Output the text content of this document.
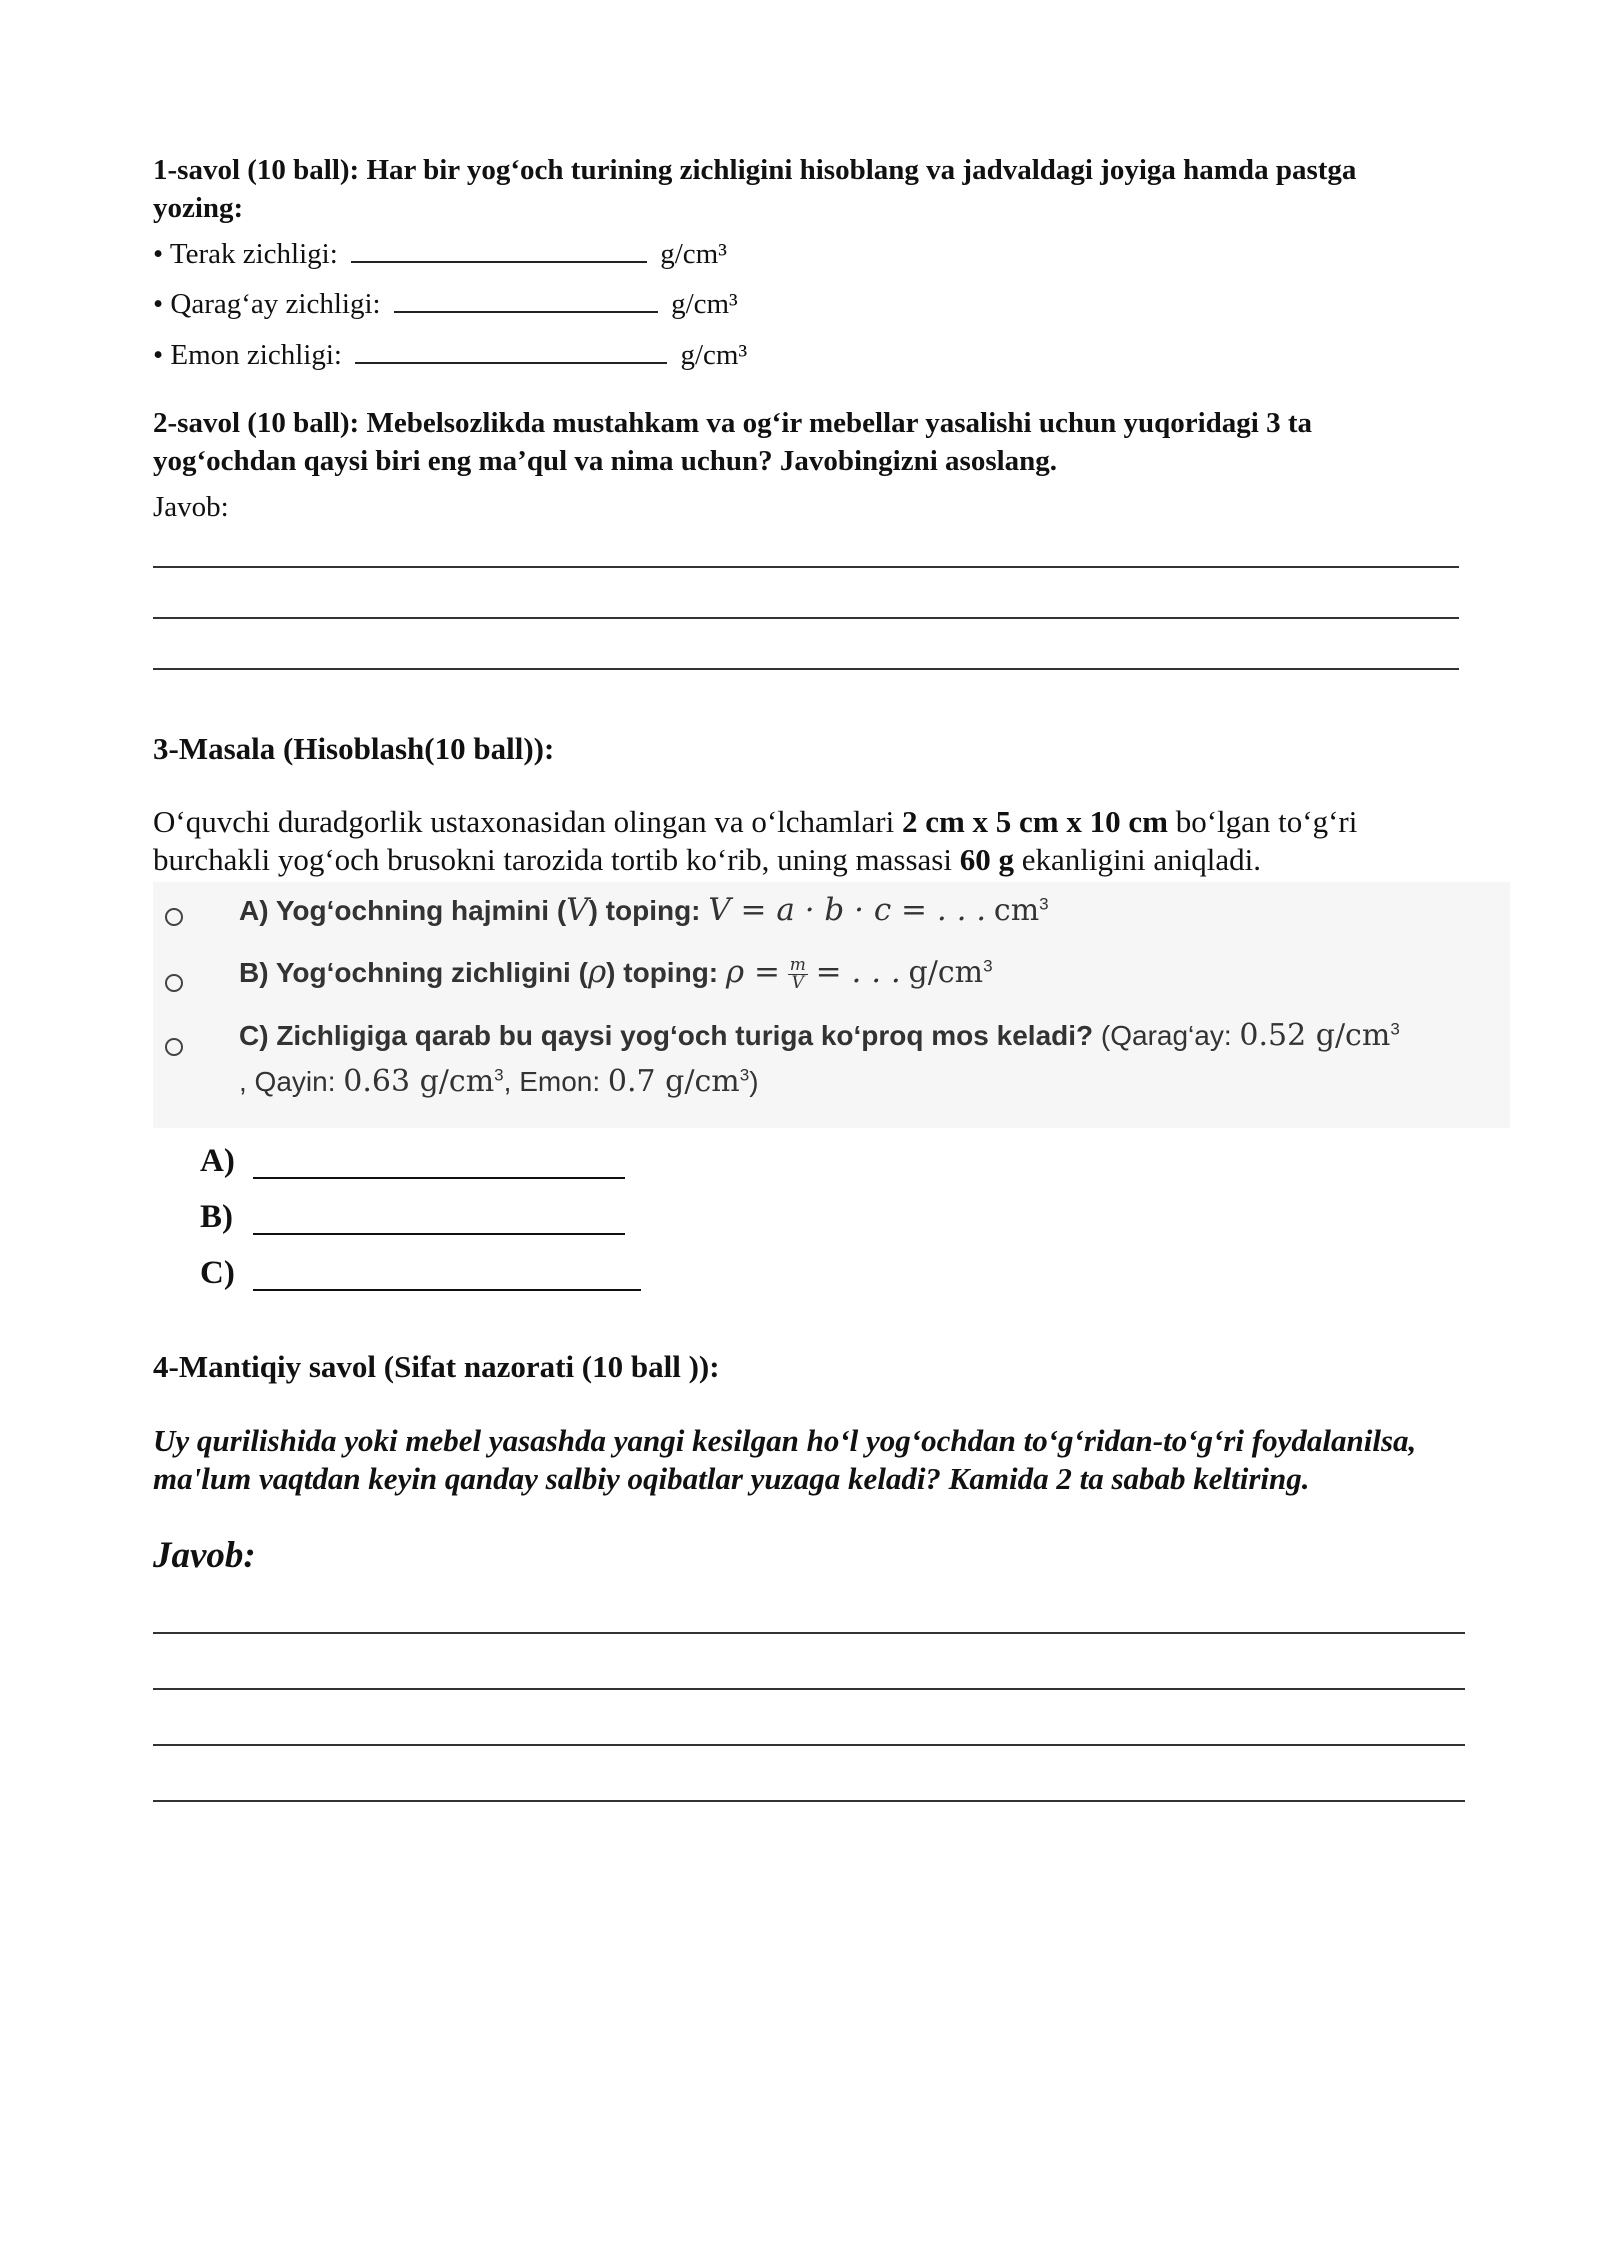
1-savol (10 ball): Har bir yog‘och turining zichligini hisoblang va jadvaldagi joyiga hamda pastga
yozing:
• Terak zichligi:	g/cm³
• Qarag‘ay zichligi:	g/cm³
• Emon zichligi:	g/cm³
2-savol (10 ball): Mebelsozlikda mustahkam va og‘ir mebellar yasalishi uchun yuqoridagi 3 ta
yog‘ochdan qaysi biri eng ma’qul va nima uchun? Javobingizni asoslang.
Javob:
3-Masala (Hisoblash(10 ball)):
O‘quvchi duradgorlik ustaxonasidan olingan va o‘lchamlari 2 cm x 5 cm x 10 cm bo‘lgan to‘g‘ri
burchakli yog‘och brusokni tarozida tortib ko‘rib, uning massasi 60 g ekanligini aniqladi.
A) Yog‘ochning hajmini (V) toping: V = a · b · c = . . . $cm^3$
B) Yog‘ochning zichligini (ρ) toping: $\rho = \frac{m}{V}$ = . . . $g/cm^3$
C) Zichligiga qarab bu qaysi yog‘och turiga ko‘proq mos keladi? (Qarag‘ay: 0.52 $g/cm^3$
, Qayin: 0.63 $g/cm^3$, Emon: 0.7 $g/cm^3$)
A)
B)
C)
4-Mantiqiy savol (Sifat nazorati (10 ball )):
Uy qurilishida yoki mebel yasashda yangi kesilgan ho‘l yog‘ochdan to‘g‘ridan-to‘g‘ri foydalanilsa,
ma'lum vaqtdan keyin qanday salbiy oqibatlar yuzaga keladi? Kamida 2 ta sabab keltiring.
Javob:
